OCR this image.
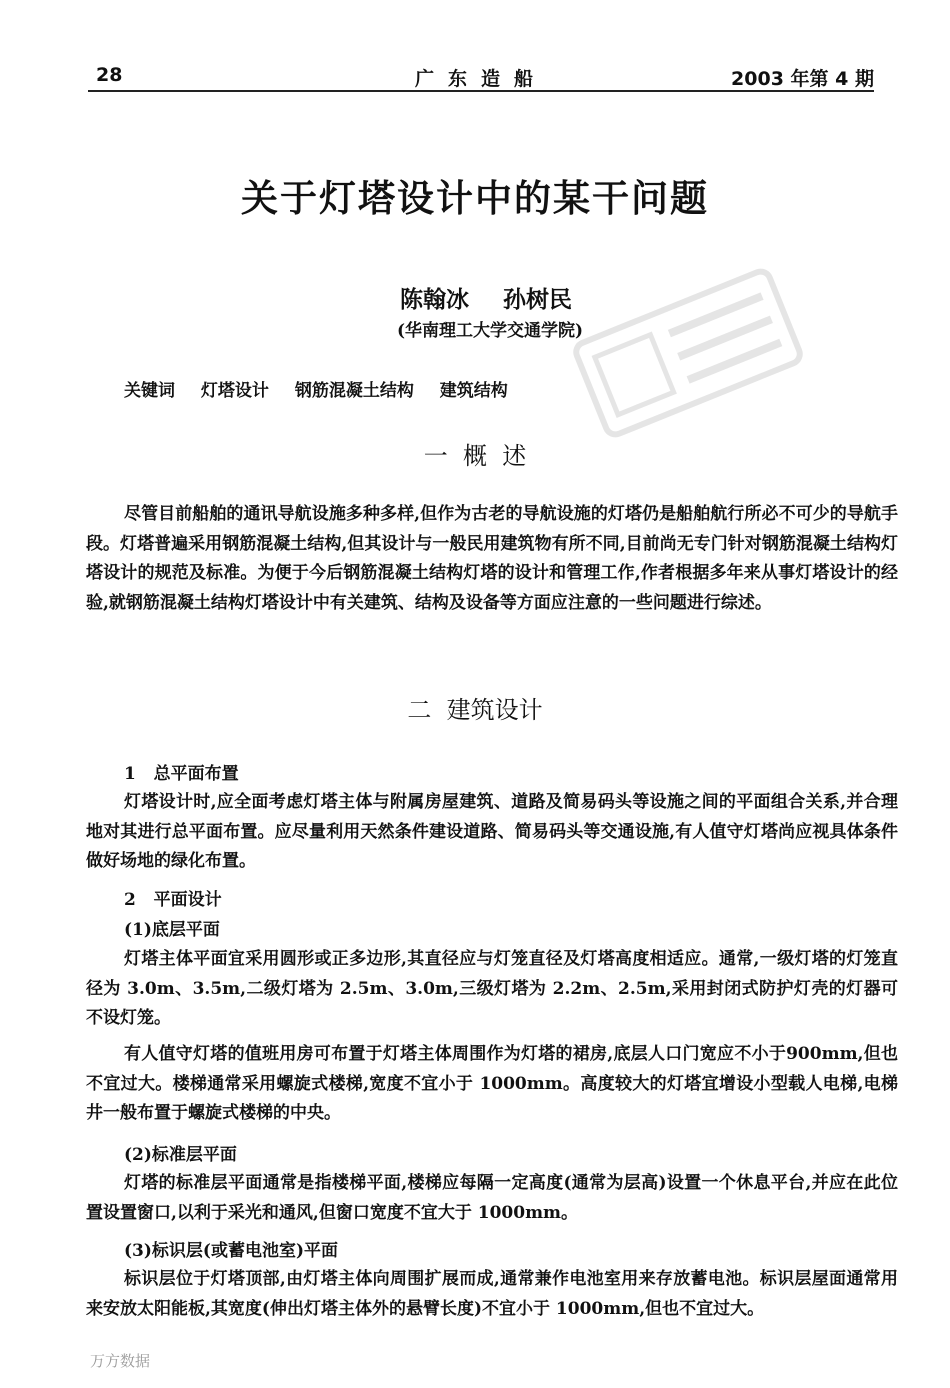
28	广东造船	2003 年第 4 期
关于灯塔设计中的某干问题
陈翰冰 孙树民
(华南理工大学交通学院)
关键词 灯塔设计 钢筋混凝土结构 建筑结构
一  概  述

尽管目前船舶的通讯导航设施多种多样,但作为古老的导航设施的灯塔仍是船舶航行所必不可少的导航手段。灯塔普遍采用钢筋混凝土结构,但其设计与一般民用建筑物有所不同,目前尚无专门针对钢筋混凝土结构灯塔设计的规范及标准。为便于今后钢筋混凝土结构灯塔的设计和管理工作,作者根据多年来从事灯塔设计的经验,就钢筋混凝土结构灯塔设计中有关建筑、结构及设备等方面应注意的一些问题进行综述。

二  建筑设计
1   总平面布置

灯塔设计时,应全面考虑灯塔主体与附属房屋建筑、道路及简易码头等设施之间的平面组合关系,并合理地对其进行总平面布置。应尽量利用天然条件建设道路、简易码头等交通设施,有人值守灯塔尚应视具体条件做好场地的绿化布置。

2   平面设计
(1)底层平面

灯塔主体平面宜采用圆形或正多边形,其直径应与灯笼直径及灯塔高度相适应。通常,一级灯塔的灯笼直径为 3.0m、3.5m,二级灯塔为 2.5m、3.0m,三级灯塔为 2.2m、2.5m,采用封闭式防护灯壳的灯器可不设灯笼。

有人值守灯塔的值班用房可布置于灯塔主体周围作为灯塔的裙房,底层人口门宽应不小于900mm,但也不宜过大。楼梯通常采用螺旋式楼梯,宽度不宜小于 1000mm。高度较大的灯塔宜增设小型载人电梯,电梯井一般布置于螺旋式楼梯的中央。

(2)标准层平面

灯塔的标准层平面通常是指楼梯平面,楼梯应每隔一定高度(通常为层高)设置一个休息平台,并应在此位置设置窗口,以利于采光和通风,但窗口宽度不宜大于 1000mm。

(3)标识层(或蓄电池室)平面

标识层位于灯塔顶部,由灯塔主体向周围扩展而成,通常兼作电池室用来存放蓄电池。标识层屋面通常用来安放太阳能板,其宽度(伸出灯塔主体外的悬臂长度)不宜小于 1000mm,但也不宜过大。

万方数据
